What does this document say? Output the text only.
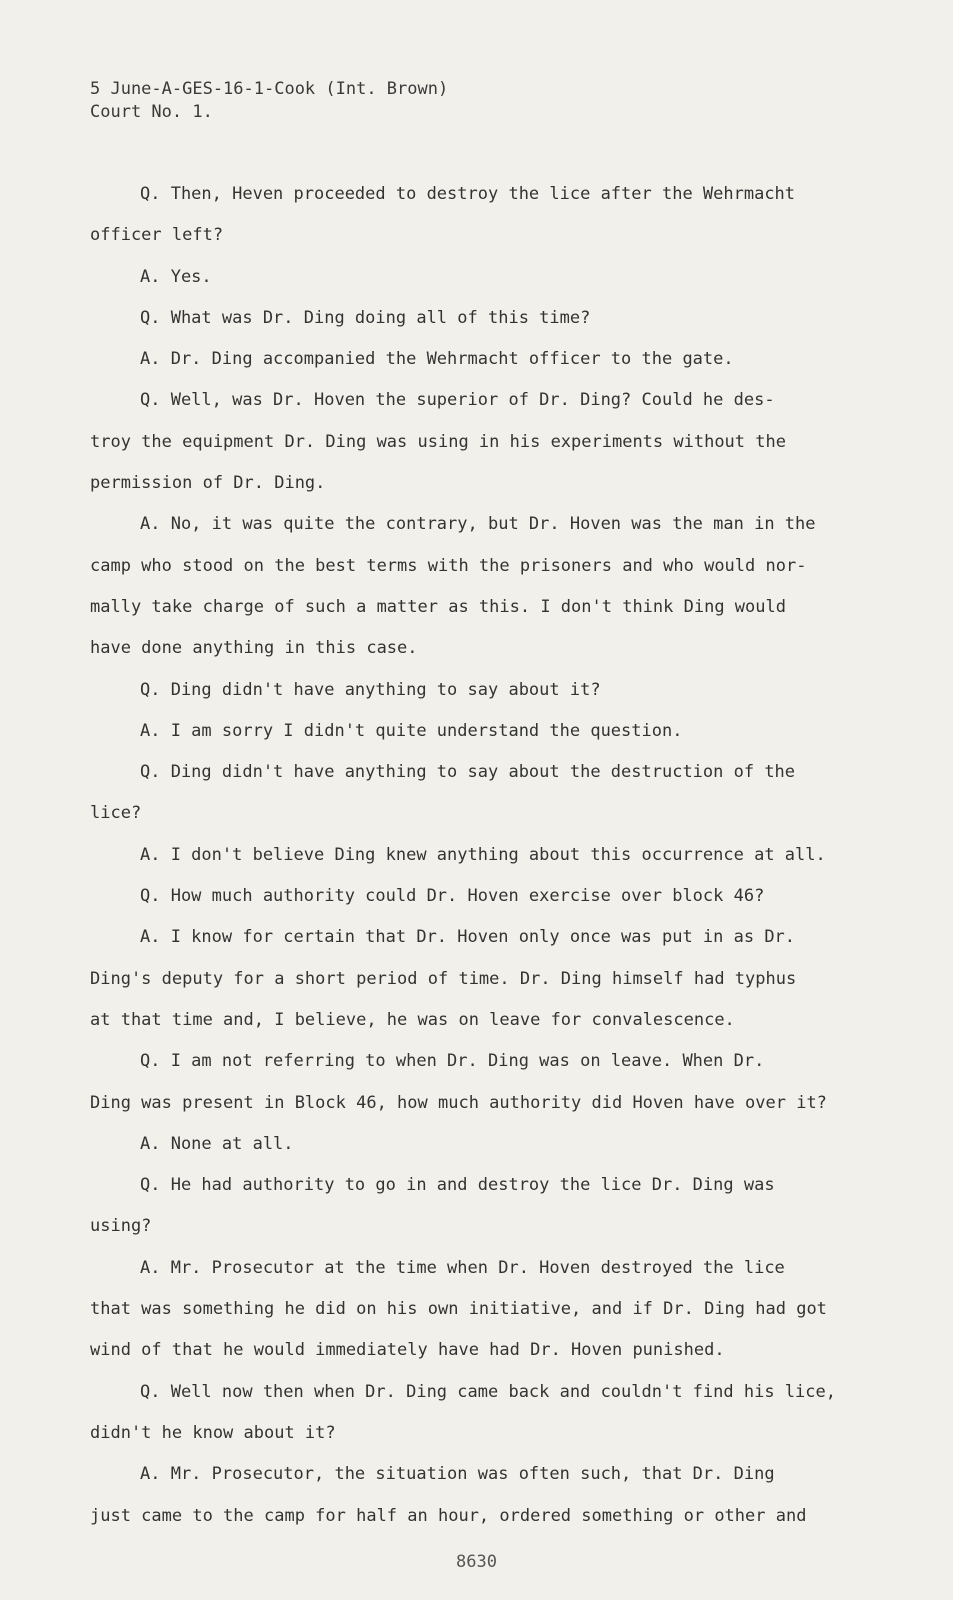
5 June-A-GES-16-1-Cook (Int. Brown)
Court No. 1.
Q. Then, Heven proceeded to destroy the lice after the Wehrmacht
officer left?
A. Yes.
Q. What was Dr. Ding doing all of this time?
A. Dr. Ding accompanied the Wehrmacht officer to the gate.
Q. Well, was Dr. Hoven the superior of Dr. Ding? Could he des-
troy the equipment Dr. Ding was using in his experiments without the
permission of Dr. Ding.
A. No, it was quite the contrary, but Dr. Hoven was the man in the
camp who stood on the best terms with the prisoners and who would nor-
mally take charge of such a matter as this. I don't think Ding would
have done anything in this case.
Q. Ding didn't have anything to say about it?
A. I am sorry I didn't quite understand the question.
Q. Ding didn't have anything to say about the destruction of the
lice?
A. I don't believe Ding knew anything about this occurrence at all.
Q. How much authority could Dr. Hoven exercise over block 46?
A. I know for certain that Dr. Hoven only once was put in as Dr.
Ding's deputy for a short period of time. Dr. Ding himself had typhus
at that time and, I believe, he was on leave for convalescence.
Q. I am not referring to when Dr. Ding was on leave. When Dr.
Ding was present in Block 46, how much authority did Hoven have over it?
A. None at all.
Q. He had authority to go in and destroy the lice Dr. Ding was
using?
A. Mr. Prosecutor at the time when Dr. Hoven destroyed the lice
that was something he did on his own initiative, and if Dr. Ding had got
wind of that he would immediately have had Dr. Hoven punished.
Q. Well now then when Dr. Ding came back and couldn't find his lice,
didn't he know about it?
A. Mr. Prosecutor, the situation was often such, that Dr. Ding
just came to the camp for half an hour, ordered something or other and
8630
